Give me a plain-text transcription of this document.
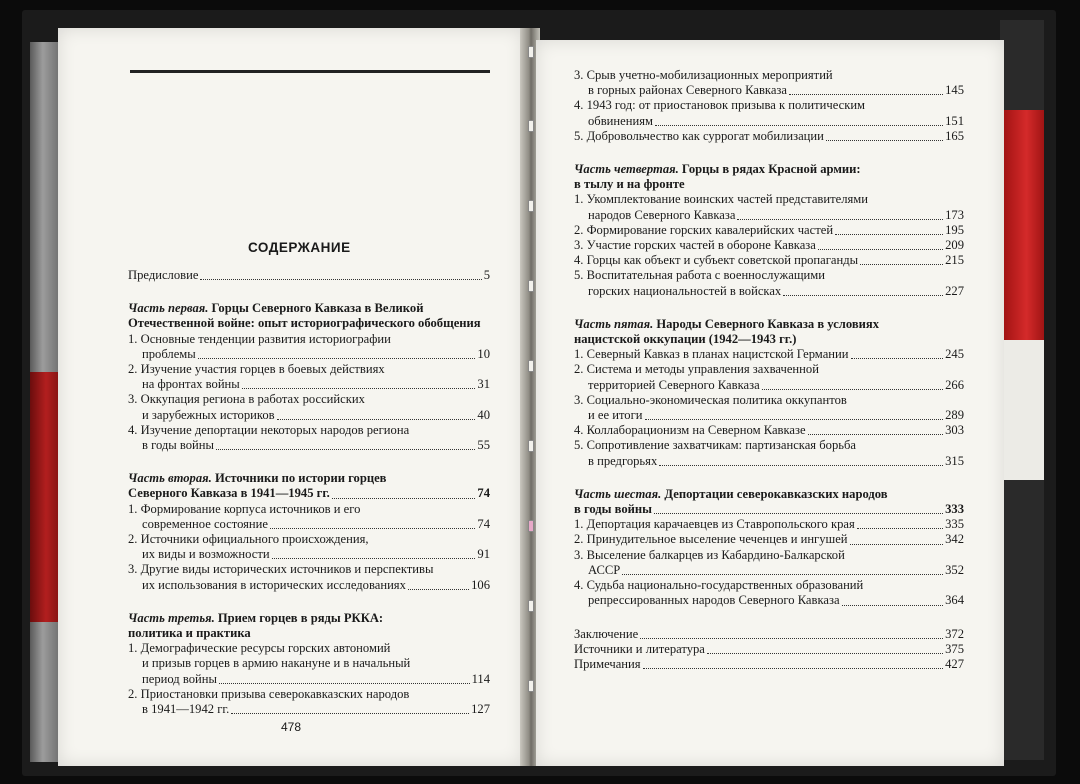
СОДЕРЖАНИЕ
Предисловие	5
Часть первая. Горцы Северного Кавказа в Великой
Отечественной войне: опыт историографического обобщения
1. Основные тенденции развития историографии
проблемы	10
2. Изучение участия горцев в боевых действиях
на фронтах войны	31
3. Оккупация региона в работах российских
и зарубежных историков	40
4. Изучение депортации некоторых народов региона
в годы войны	55
Часть вторая. Источники по истории горцев
Северного Кавказа в 1941—1945 гг.	74
1. Формирование корпуса источников и его
современное состояние	74
2. Источники официального происхождения,
их виды и возможности	91
3. Другие виды исторических источников и перспективы
их использования в исторических исследованиях	106
Часть третья. Прием горцев в ряды РККА:
политика и практика
1. Демографические ресурсы горских автономий
и призыв горцев в армию накануне и в начальный
период войны	114
2. Приостановки призыва северокавказских народов
в 1941—1942 гг.	127
478
3. Срыв учетно-мобилизационных мероприятий
в горных районах Северного Кавказа	145
4. 1943 год: от приостановок призыва к политическим
обвинениям	151
5. Добровольчество как суррогат мобилизации	165
Часть четвертая. Горцы в рядах Красной армии:
в тылу и на фронте
1. Укомплектование воинских частей представителями
народов Северного Кавказа	173
2. Формирование горских кавалерийских частей	195
3. Участие горских частей в обороне Кавказа	209
4. Горцы как объект и субъект советской пропаганды	215
5. Воспитательная работа с военнослужащими
горских национальностей в войсках	227
Часть пятая. Народы Северного Кавказа в условиях
нацистской оккупации (1942—1943 гг.)
1. Северный Кавказ в планах нацистской Германии	245
2. Система и методы управления захваченной
территорией Северного Кавказа	266
3. Социально-экономическая политика оккупантов
и ее итоги	289
4. Коллаборационизм на Северном Кавказе	303
5. Сопротивление захватчикам: партизанская борьба
в предгорьях	315
Часть шестая. Депортации северокавказских народов
в годы войны	333
1. Депортация карачаевцев из Ставропольского края	335
2. Принудительное выселение чеченцев и ингушей	342
3. Выселение балкарцев из Кабардино-Балкарской
АССР	352
4. Судьба национально-государственных образований
репрессированных народов Северного Кавказа	364
Заключение	372
Источники и литература	375
Примечания	427
